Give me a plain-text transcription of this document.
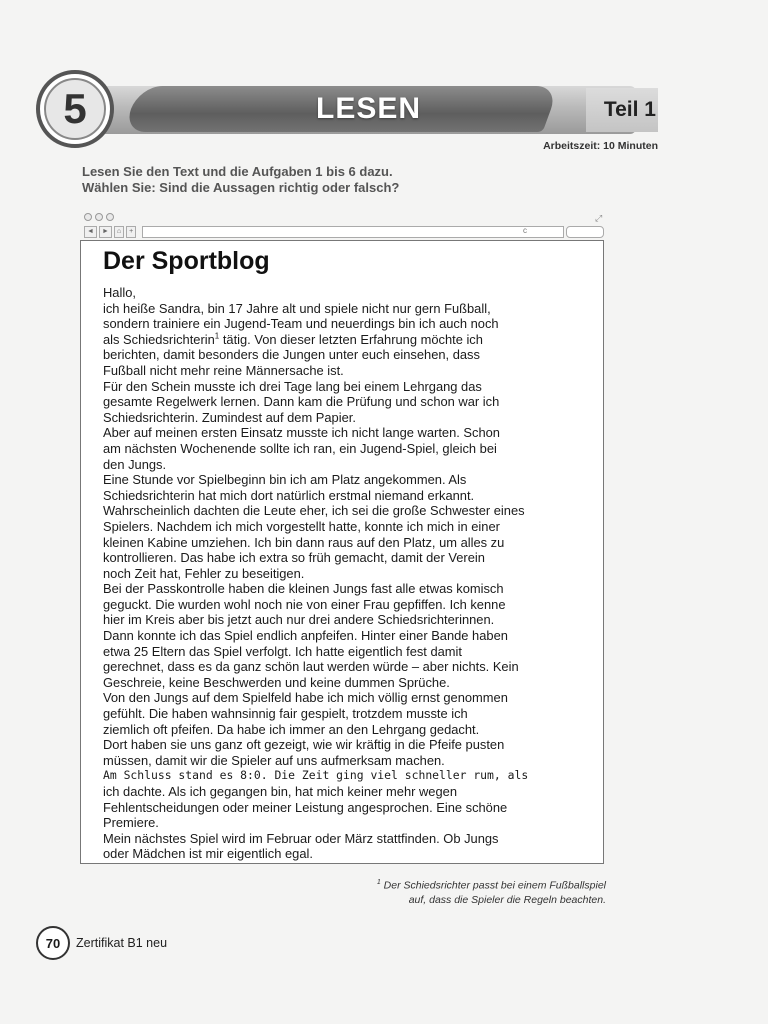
LESEN
5	Teil 1
Arbeitszeit: 10 Minuten
Lesen Sie den Text und die Aufgaben 1 bis 6 dazu.
Wählen Sie: Sind die Aussagen richtig oder falsch?
⤢
◄	►	⌂	+	c
Der Sportblog

Hallo,

ich heiße Sandra, bin 17 Jahre alt und spiele nicht nur gern Fußball,

sondern trainiere ein Jugend-Team und neuerdings bin ich auch noch

als Schiedsrichterin$^1$ tätig. Von dieser letzten Erfahrung möchte ich

berichten, damit besonders die Jungen unter euch einsehen, dass

Fußball nicht mehr reine Männersache ist.

Für den Schein musste ich drei Tage lang bei einem Lehrgang das

gesamte Regelwerk lernen. Dann kam die Prüfung und schon war ich

Schiedsrichterin. Zumindest auf dem Papier.

Aber auf meinen ersten Einsatz musste ich nicht lange warten. Schon

am nächsten Wochenende sollte ich ran, ein Jugend-Spiel, gleich bei

den Jungs.

Eine Stunde vor Spielbeginn bin ich am Platz angekommen. Als

Schiedsrichterin hat mich dort natürlich erstmal niemand erkannt.

Wahrscheinlich dachten die Leute eher, ich sei die große Schwester eines

Spielers. Nachdem ich mich vorgestellt hatte, konnte ich mich in einer

kleinen Kabine umziehen. Ich bin dann raus auf den Platz, um alles zu

kontrollieren. Das habe ich extra so früh gemacht, damit der Verein

noch Zeit hat, Fehler zu beseitigen.

Bei der Passkontrolle haben die kleinen Jungs fast alle etwas komisch

geguckt. Die wurden wohl noch nie von einer Frau gepfiffen. Ich kenne

hier im Kreis aber bis jetzt auch nur drei andere Schiedsrichterinnen.

Dann konnte ich das Spiel endlich anpfeifen. Hinter einer Bande haben

etwa 25 Eltern das Spiel verfolgt. Ich hatte eigentlich fest damit

gerechnet, dass es da ganz schön laut werden würde – aber nichts. Kein

Geschreie, keine Beschwerden und keine dummen Sprüche.

Von den Jungs auf dem Spielfeld habe ich mich völlig ernst genommen

gefühlt. Die haben wahnsinnig fair gespielt, trotzdem musste ich

ziemlich oft pfeifen. Da habe ich immer an den Lehrgang gedacht.

Dort haben sie uns ganz oft gezeigt, wie wir kräftig in die Pfeife pusten

müssen, damit wir die Spieler auf uns aufmerksam machen.

Am Schluss stand es 8:0. Die Zeit ging viel schneller rum, als

ich dachte. Als ich gegangen bin, hat mich keiner mehr wegen

Fehlentscheidungen oder meiner Leistung angesprochen. Eine schöne

Premiere.

Mein nächstes Spiel wird im Februar oder März stattfinden. Ob Jungs

oder Mädchen ist mir eigentlich egal.

$^1$ Der Schiedsrichter passt bei einem Fußballspiel
auf, dass die Spieler die Regeln beachten.
70	Zertifikat B1 neu
